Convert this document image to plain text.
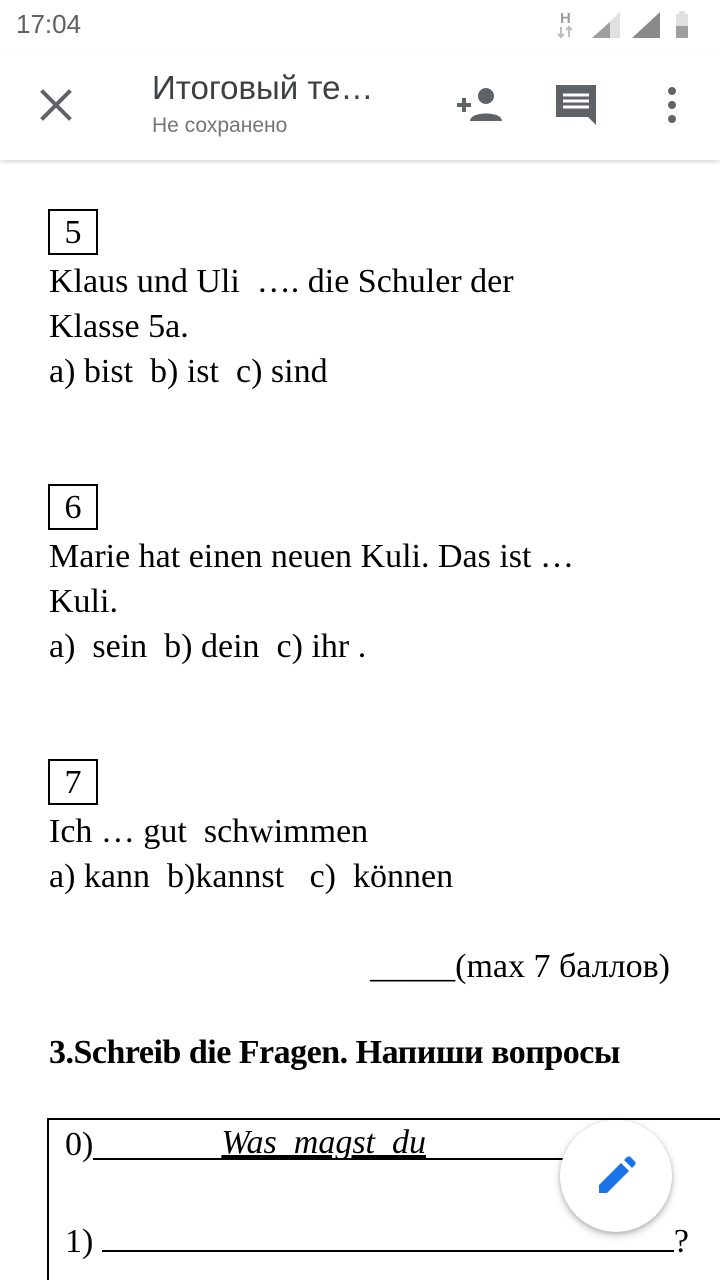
17:04	H
Итоговый те…
Не сохранено
5
Klaus und Uli  …. die Schuler der
Klasse 5a.
a) bist  b) ist  c) sind
6
Marie hat einen neuen Kuli. Das ist …
Kuli.
a)  sein  b) dein  c) ihr .
7
Ich … gut  schwimmen
a) kann  b)kannst   c)  können
_____(max 7 баллов)
3.Schreib die Fragen. Напиши вопросы
0)

	Was  magst  du

1)	?
